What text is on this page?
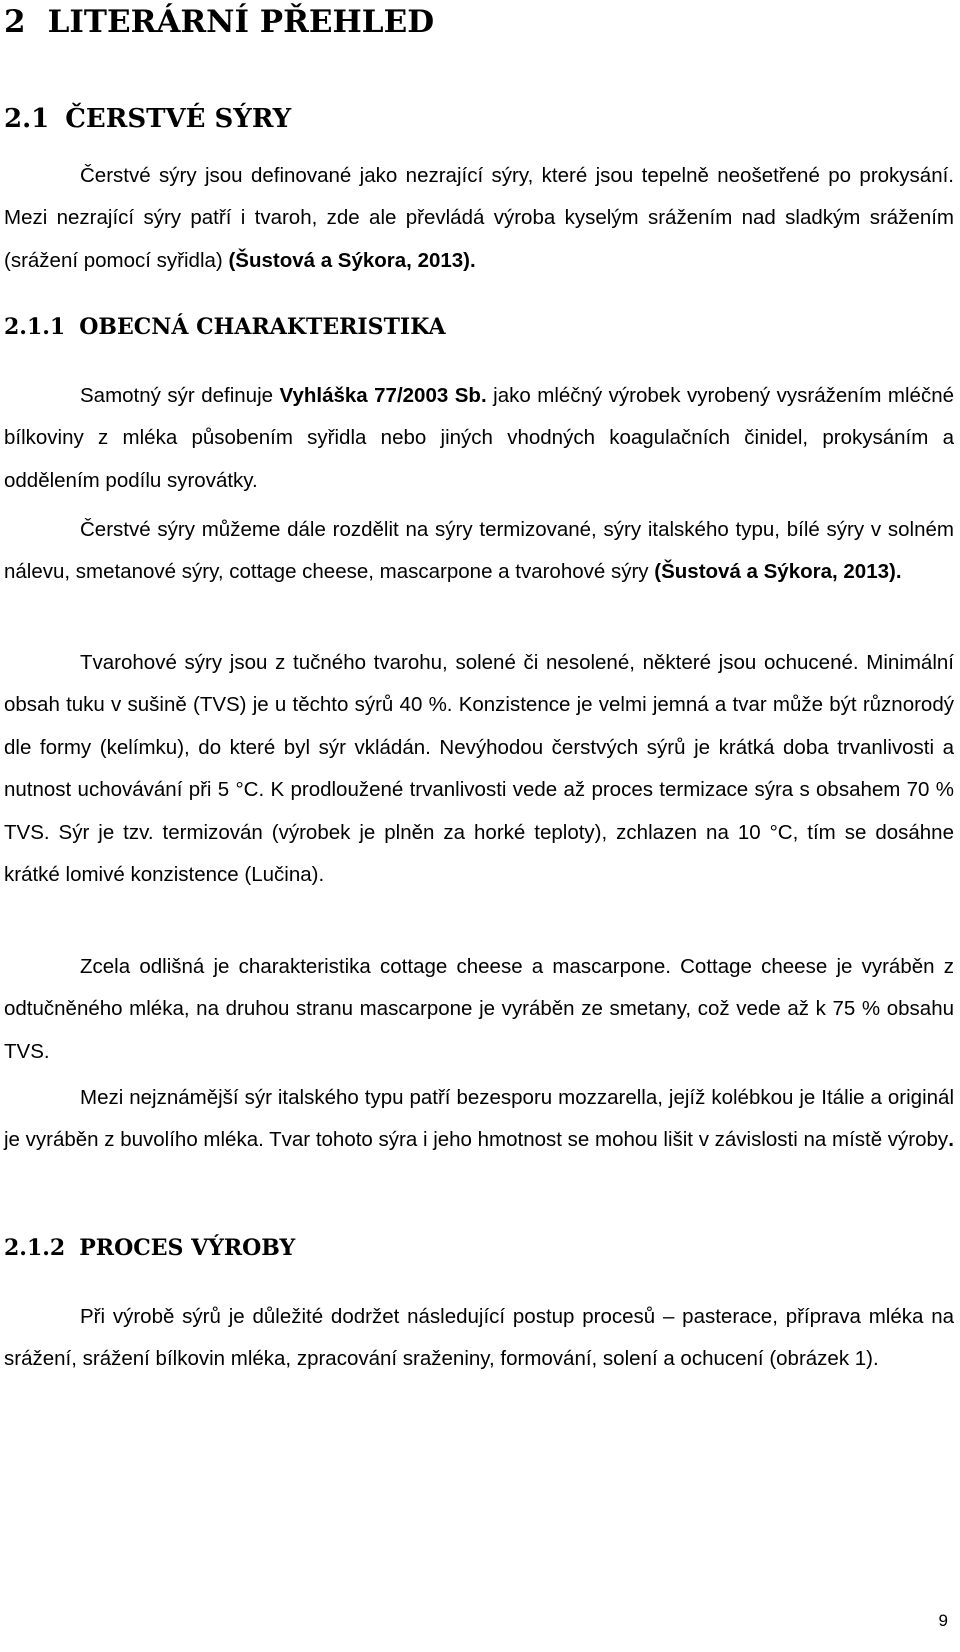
2 LITERÁRNÍ PŘEHLED
2.1 ČERSTVÉ SÝRY

Čerstvé sýry jsou definované jako nezrající sýry, které jsou tepelně neošetřené po prokysání. Mezi nezrající sýry patří i tvaroh, zde ale převládá výroba kyselým srážením nad sladkým srážením (srážení pomocí syřidla) (Šustová a Sýkora, 2013).

2.1.1 OBECNÁ CHARAKTERISTIKA

Samotný sýr definuje Vyhláška 77/2003 Sb. jako mléčný výrobek vyrobený vysrážením mléčné bílkoviny z mléka působením syřidla nebo jiných vhodných koagulačních činidel, prokysáním a oddělením podílu syrovátky.

Čerstvé sýry můžeme dále rozdělit na sýry termizované, sýry italského typu, bílé sýry v solném nálevu, smetanové sýry, cottage cheese, mascarpone a tvarohové sýry (Šustová a Sýkora, 2013).

Tvarohové sýry jsou z tučného tvarohu, solené či nesolené, některé jsou ochucené. Minimální obsah tuku v sušině (TVS) je u těchto sýrů 40 %. Konzistence je velmi jemná a tvar může být různorodý dle formy (kelímku), do které byl sýr vkládán. Nevýhodou čerstvých sýrů je krátká doba trvanlivosti a nutnost uchovávání při 5 °C. K prodloužené trvanlivosti vede až proces termizace sýra s obsahem 70 % TVS. Sýr je tzv. termizován (výrobek je plněn za horké teploty), zchlazen na 10 °C, tím se dosáhne krátké lomivé konzistence (Lučina).

Zcela odlišná je charakteristika cottage cheese a mascarpone. Cottage cheese je vyráběn z odtučněného mléka, na druhou stranu mascarpone je vyráběn ze smetany, což vede až k 75 % obsahu TVS.

Mezi nejznámější sýr italského typu patří bezesporu mozzarella, jejíž kolébkou je Itálie a originál je vyráběn z buvolího mléka. Tvar tohoto sýra i jeho hmotnost se mohou lišit v závislosti na místě výroby.

2.1.2 PROCES VÝROBY

Při výrobě sýrů je důležité dodržet následující postup procesů – pasterace, příprava mléka na srážení, srážení bílkovin mléka, zpracování sraženiny, formování, solení a ochucení (obrázek 1).

9
